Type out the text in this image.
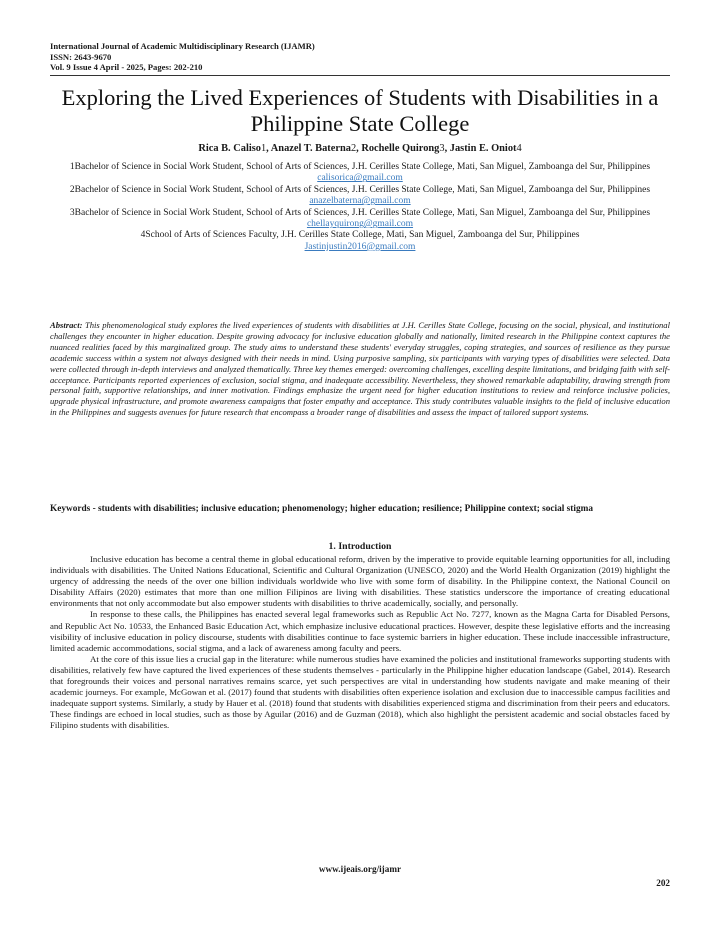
International Journal of Academic Multidisciplinary Research (IJAMR)
ISSN: 2643-9670
Vol. 9 Issue 4 April - 2025, Pages: 202-210
Exploring the Lived Experiences of Students with Disabilities in a Philippine State College
Rica B. Caliso1, Anazel T. Baterna2, Rochelle Quirong3, Jastin E. Oniot4
1Bachelor of Science in Social Work Student, School of Arts of Sciences, J.H. Cerilles State College, Mati, San Miguel, Zamboanga del Sur, Philippines
calisorica@gmail.com
2Bachelor of Science in Social Work Student, School of Arts of Sciences, J.H. Cerilles State College, Mati, San Miguel, Zamboanga del Sur, Philippines
anazelbaterna@gmail.com
3Bachelor of Science in Social Work Student, School of Arts of Sciences, J.H. Cerilles State College, Mati, San Miguel, Zamboanga del Sur, Philippines
chellayquirong@gmail.com
4School of Arts of Sciences Faculty, J.H. Cerilles State College, Mati, San Miguel, Zamboanga del Sur, Philippines
Jastinjustin2016@gmail.com
Abstract: This phenomenological study explores the lived experiences of students with disabilities at J.H. Cerilles State College, focusing on the social, physical, and institutional challenges they encounter in higher education. Despite growing advocacy for inclusive education globally and nationally, limited research in the Philippine context captures the nuanced realities faced by this marginalized group. The study aims to understand these students' everyday struggles, coping strategies, and sources of resilience as they pursue academic success within a system not always designed with their needs in mind. Using purposive sampling, six participants with varying types of disabilities were selected. Data were collected through in-depth interviews and analyzed thematically. Three key themes emerged: overcoming challenges, excelling despite limitations, and bridging faith with self-acceptance. Participants reported experiences of exclusion, social stigma, and inadequate accessibility. Nevertheless, they showed remarkable adaptability, drawing strength from personal faith, supportive relationships, and inner motivation. Findings emphasize the urgent need for higher education institutions to review and reinforce inclusive policies, upgrade physical infrastructure, and promote awareness campaigns that foster empathy and acceptance. This study contributes valuable insights to the field of inclusive education in the Philippines and suggests avenues for future research that encompass a broader range of disabilities and assess the impact of tailored support systems.
Keywords - students with disabilities; inclusive education; phenomenology; higher education; resilience; Philippine context; social stigma
1. Introduction

Inclusive education has become a central theme in global educational reform, driven by the imperative to provide equitable learning opportunities for all, including individuals with disabilities. The United Nations Educational, Scientific and Cultural Organization (UNESCO, 2020) and the World Health Organization (2019) highlight the urgency of addressing the needs of the over one billion individuals worldwide who live with some form of disability. In the Philippine context, the National Council on Disability Affairs (2020) estimates that more than one million Filipinos are living with disabilities. These statistics underscore the importance of creating educational environments that not only accommodate but also empower students with disabilities to thrive academically, socially, and personally.

In response to these calls, the Philippines has enacted several legal frameworks such as Republic Act No. 7277, known as the Magna Carta for Disabled Persons, and Republic Act No. 10533, the Enhanced Basic Education Act, which emphasize inclusive educational practices. However, despite these legislative efforts and the increasing visibility of inclusive education in policy discourse, students with disabilities continue to face systemic barriers in higher education. These include inaccessible infrastructure, limited academic accommodations, social stigma, and a lack of awareness among faculty and peers.

At the core of this issue lies a crucial gap in the literature: while numerous studies have examined the policies and institutional frameworks supporting students with disabilities, relatively few have captured the lived experiences of these students themselves - particularly in the Philippine higher education landscape (Gabel, 2014). Research that foregrounds their voices and personal narratives remains scarce, yet such perspectives are vital in understanding how students navigate and make meaning of their academic journeys. For example, McGowan et al. (2017) found that students with disabilities often experience isolation and exclusion due to inaccessible campus facilities and inadequate support systems. Similarly, a study by Hauer et al. (2018) found that students with disabilities experienced stigma and discrimination from their peers and educators. These findings are echoed in local studies, such as those by Aguilar (2016) and de Guzman (2018), which also highlight the persistent academic and social obstacles faced by Filipino students with disabilities.

www.ijeais.org/ijamr
202
